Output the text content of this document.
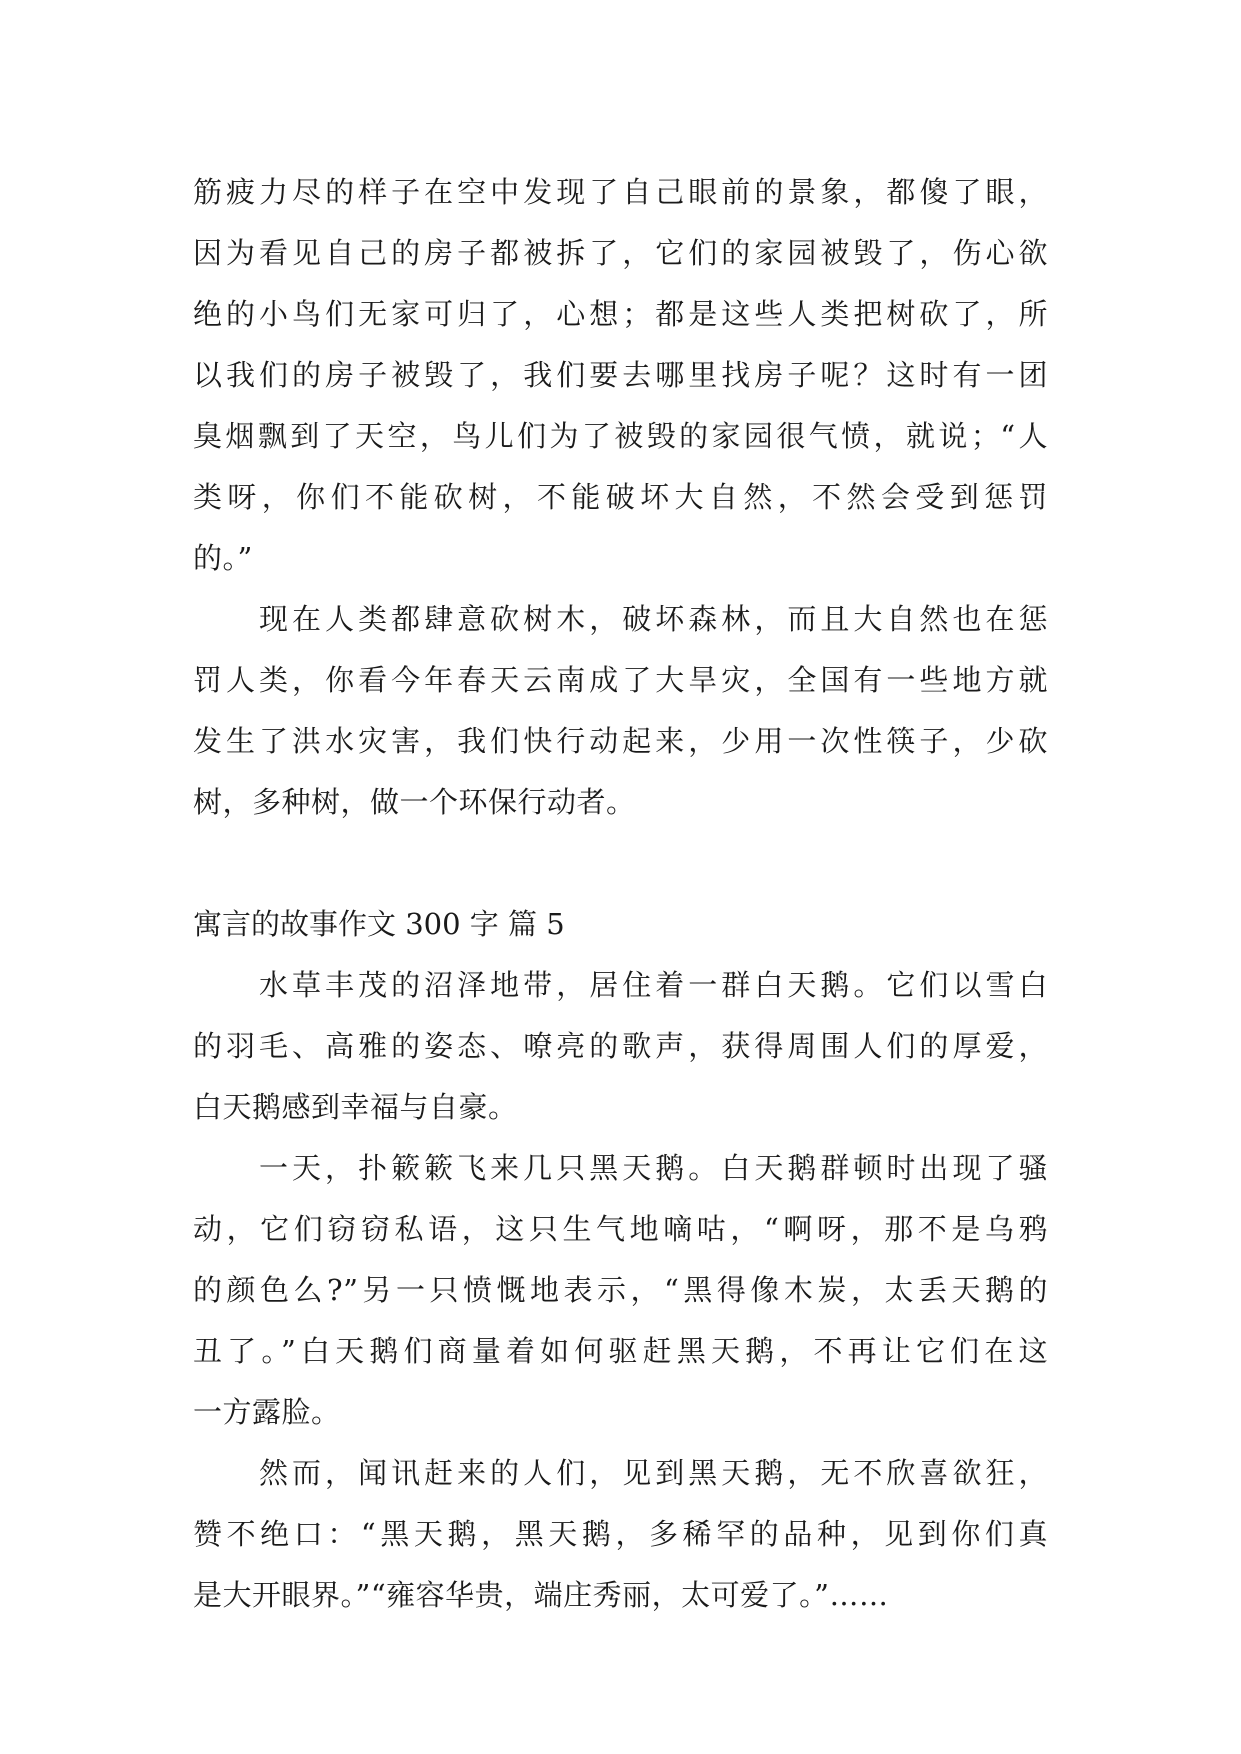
筋疲力尽的样子在空中发现了自己眼前的景象，都傻了眼，
因为看见自己的房子都被拆了，它们的家园被毁了，伤心欲
绝的小鸟们无家可归了，心想；都是这些人类把树砍了，所
以我们的房子被毁了，我们要去哪里找房子呢？这时有一团
臭烟飘到了天空，鸟儿们为了被毁的家园很气愤，就说；“人
类呀，你们不能砍树，不能破坏大自然，不然会受到惩罚
的。”
现在人类都肆意砍树木，破坏森林，而且大自然也在惩
罚人类，你看今年春天云南成了大旱灾，全国有一些地方就
发生了洪水灾害，我们快行动起来，少用一次性筷子，少砍
树，多种树，做一个环保行动者。
寓言的故事作文 300 字 篇 5
水草丰茂的沼泽地带，居住着一群白天鹅。它们以雪白
的羽毛、高雅的姿态、嘹亮的歌声，获得周围人们的厚爱，
白天鹅感到幸福与自豪。
一天，扑簌簌飞来几只黑天鹅。白天鹅群顿时出现了骚
动，它们窃窃私语，这只生气地嘀咕，“啊呀，那不是乌鸦
的颜色么?”另一只愤慨地表示，“黑得像木炭，太丢天鹅的
丑了。”白天鹅们商量着如何驱赶黑天鹅，不再让它们在这
一方露脸。
然而，闻讯赶来的人们，见到黑天鹅，无不欣喜欲狂，
赞不绝口：“黑天鹅，黑天鹅，多稀罕的品种，见到你们真
是大开眼界。”“雍容华贵，端庄秀丽，太可爱了。”……
